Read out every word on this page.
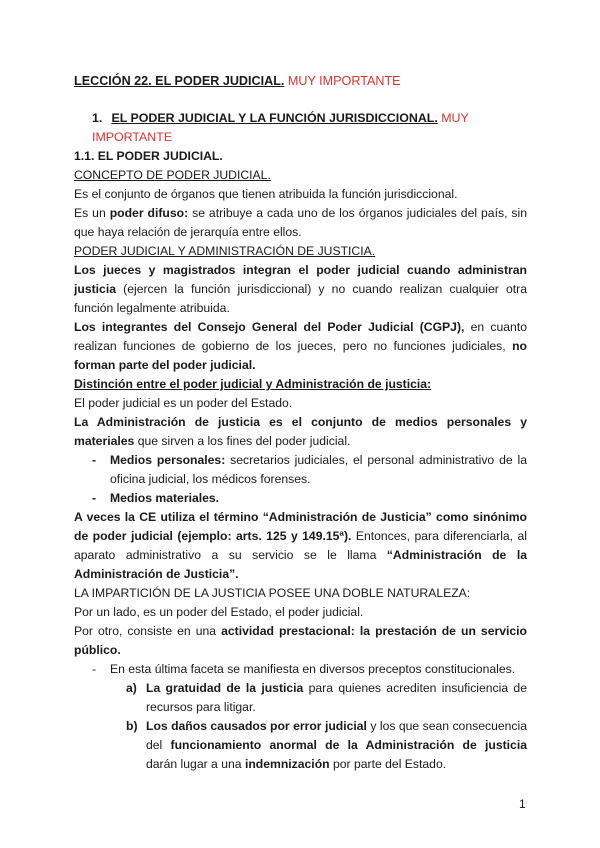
LECCIÓN 22. EL PODER JUDICIAL. MUY IMPORTANTE

1. EL PODER JUDICIAL Y LA FUNCIÓN JURISDICCIONAL. MUY IMPORTANTE

1.1. EL PODER JUDICIAL.

CONCEPTO DE PODER JUDICIAL.

Es el conjunto de órganos que tienen atribuida la función jurisdiccional.

Es un poder difuso: se atribuye a cada uno de los órganos judiciales del país, sin que haya relación de jerarquía entre ellos.

PODER JUDICIAL Y ADMINISTRACIÓN DE JUSTICIA.

Los jueces y magistrados integran el poder judicial cuando administran justicia (ejercen la función jurisdiccional) y no cuando realizan cualquier otra función legalmente atribuida.

Los integrantes del Consejo General del Poder Judicial (CGPJ), en cuanto realizan funciones de gobierno de los jueces, pero no funciones judiciales, no forman parte del poder judicial.

Distinción entre el poder judicial y Administración de justicia:

El poder judicial es un poder del Estado.

La Administración de justicia es el conjunto de medios personales y materiales que sirven a los fines del poder judicial.

- Medios personales: secretarios judiciales, el personal administrativo de la oficina judicial, los médicos forenses.

- Medios materiales.

A veces la CE utiliza el término “Administración de Justicia” como sinónimo de poder judicial (ejemplo: arts. 125 y 149.15ª). Entonces, para diferenciarla, al aparato administrativo a su servicio se le llama “Administración de la Administración de Justicia”.

LA IMPARTICIÓN DE LA JUSTICIA POSEE UNA DOBLE NATURALEZA:

Por un lado, es un poder del Estado, el poder judicial.

Por otro, consiste en una actividad prestacional: la prestación de un servicio público.

- En esta última faceta se manifiesta en diversos preceptos constitucionales.

a) La gratuidad de la justicia para quienes acrediten insuficiencia de recursos para litigar.

b) Los daños causados por error judicial y los que sean consecuencia del funcionamiento anormal de la Administración de justicia darán lugar a una indemnización por parte del Estado.

1
